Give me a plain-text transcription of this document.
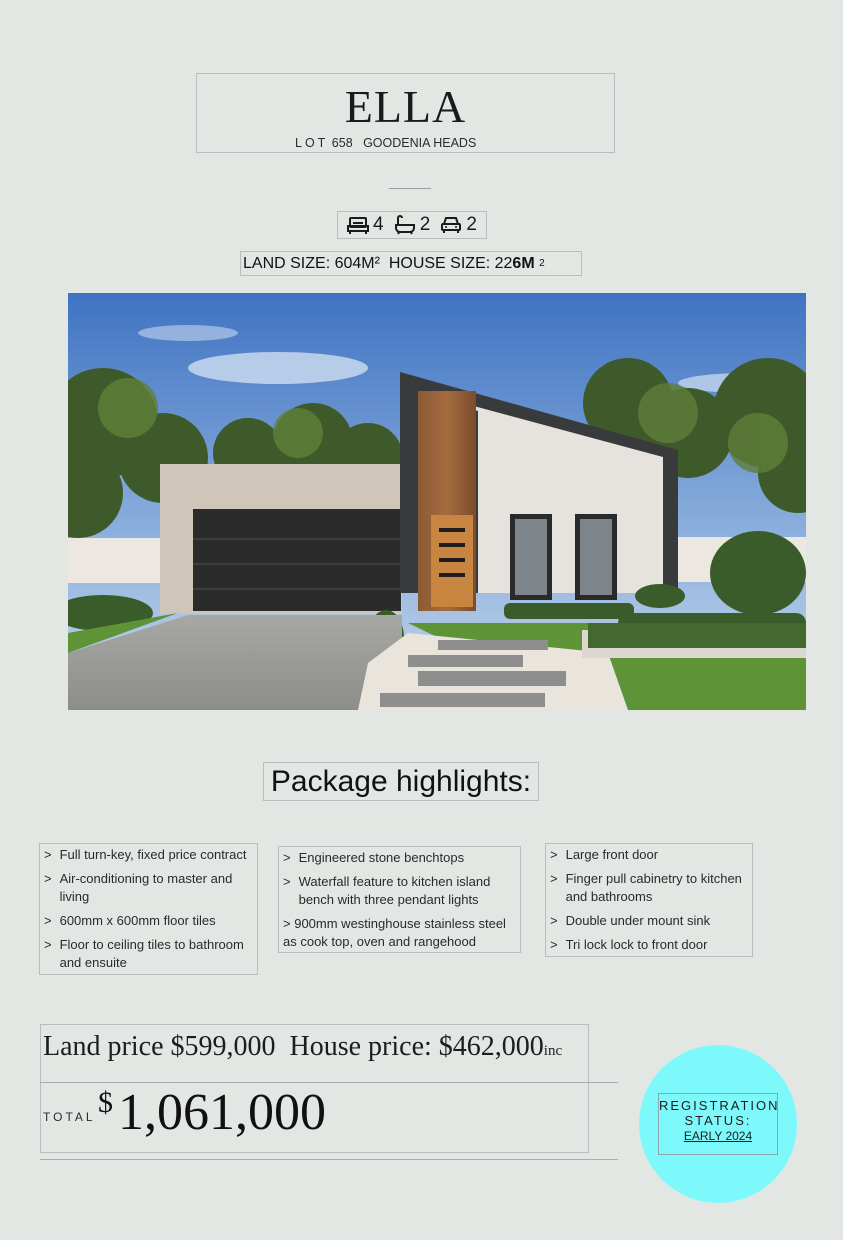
ELLA
LOT 658 GOODENIA HEADS
4 2 2
LAND SIZE: 604M²
HOUSE SIZE: 22 6M
2
Package highlights:
> Full turn-key, fixed price contract
> Air-conditioning to master and living
> 600mm x 600mm floor tiles
> Floor to ceiling tiles to bathroom and ensuite
> Engineered stone benchtops
> Waterfall feature to kitchen island bench with three pendant lights
> 900mm westinghouse stainless steel as cook top, oven and rangehood
> Large front door
> Finger pull cabinetry to kitchen and bathrooms
> Double under mount sink
> Tri lock lock to front door
Land price $599,000 House price: $462,000inc
TOTAL $ 1,061,000	REGISTRATION
STATUS:
EARLY 2024
